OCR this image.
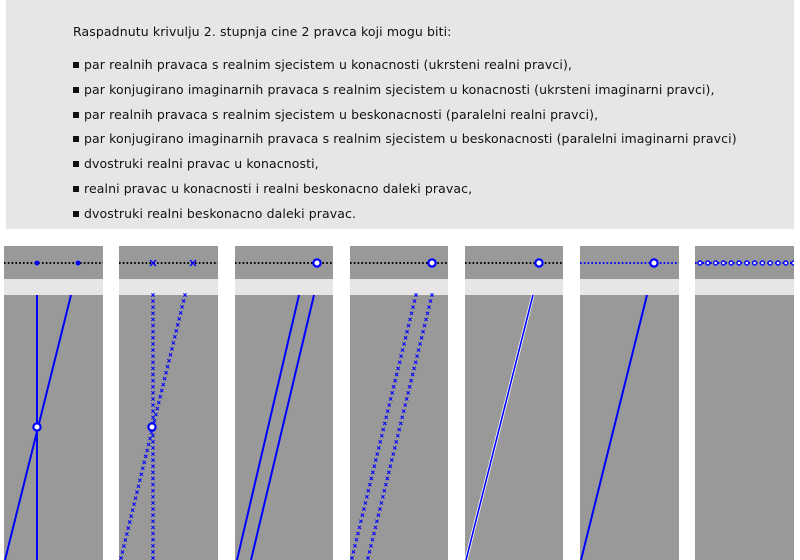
Raspadnutu krivulju 2. stupnja cine 2 pravca koji mogu biti:
par realnih pravaca s realnim sjecistem u konacnosti (ukrsteni realni pravci),
par konjugirano imaginarnih pravaca s realnim sjecistem u konacnosti (ukrsteni imaginarni pravci),
par realnih pravaca s realnim sjecistem u beskonacnosti (paralelni realni pravci),
par konjugirano imaginarnih pravaca s realnim sjecistem u beskonacnosti (paralelni imaginarni pravci)
dvostruki realni pravac u konacnosti,
realni pravac u konacnosti i realni beskonacno daleki pravac,
dvostruki realni beskonacno daleki pravac.
